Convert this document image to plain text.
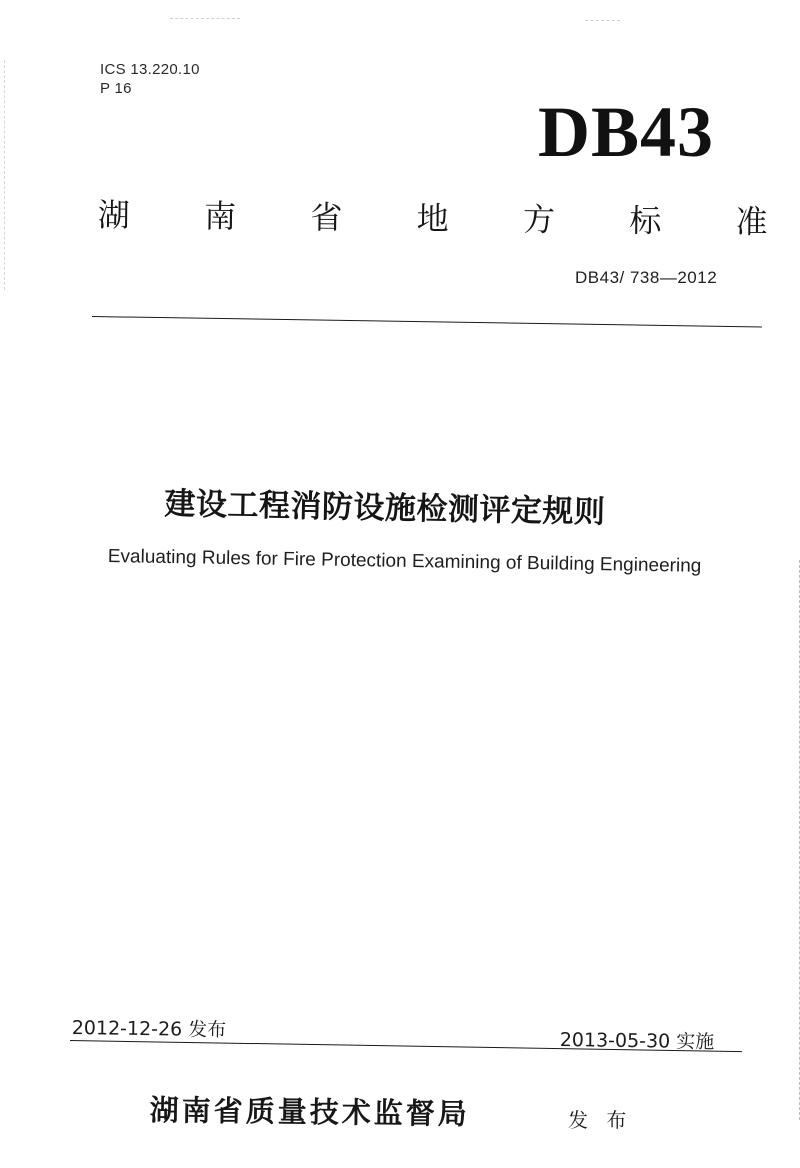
ICS 13.220.10
P 16
DB43
湖 南 省 地 方 标 准
DB43/ 738—2012
建设工程消防设施检测评定规则
Evaluating Rules for Fire Protection Examining of Building Engineering
2012-12-26 发布	2013-05-30 实施
湖南省质量技术监督局	发 布
